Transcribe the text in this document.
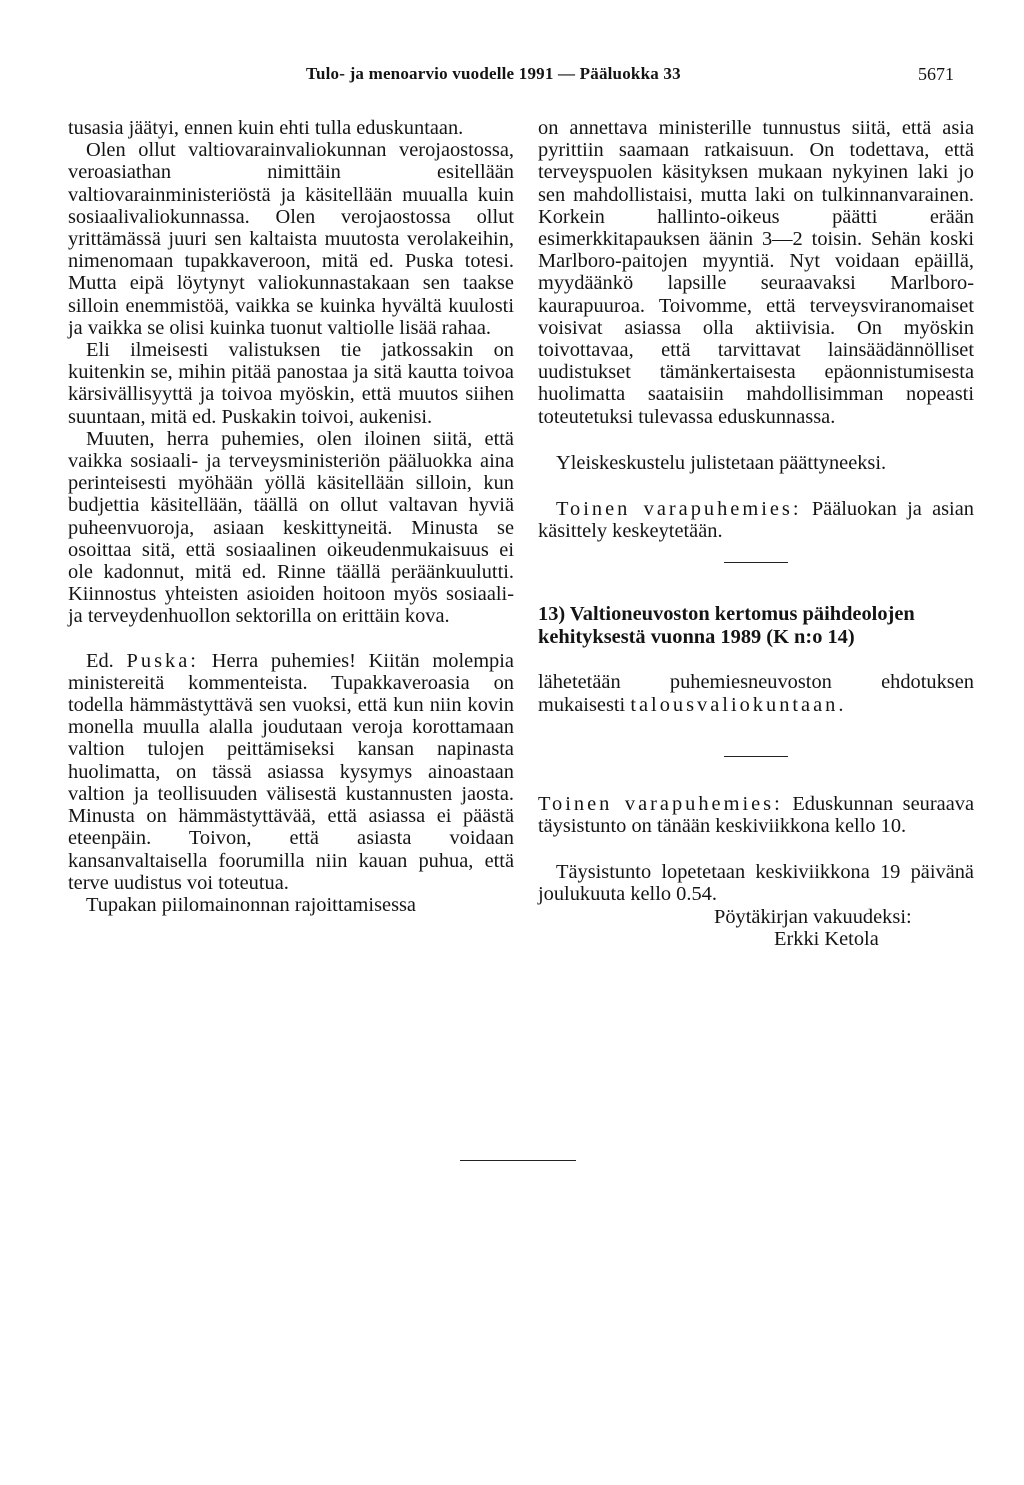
Tulo- ja menoarvio vuodelle 1991 — Pääluokka 33	5671

tusasia jäätyi, ennen kuin ehti tulla eduskuntaan.

Olen ollut valtiovarainvaliokunnan verojaostossa, veroasiathan nimittäin esitellään valtiovarainministeriöstä ja käsitellään muualla kuin sosiaalivaliokunnassa. Olen verojaostossa ollut yrittämässä juuri sen kaltaista muutosta verolakeihin, nimenomaan tupakkaveroon, mitä ed. Puska totesi. Mutta eipä löytynyt valiokunnastakaan sen taakse silloin enemmistöä, vaikka se kuinka hyvältä kuulosti ja vaikka se olisi kuinka tuonut valtiolle lisää rahaa.

Eli ilmeisesti valistuksen tie jatkossakin on kuitenkin se, mihin pitää panostaa ja sitä kautta toivoa kärsivällisyyttä ja toivoa myöskin, että muutos siihen suuntaan, mitä ed. Puskakin toivoi, aukenisi.

Muuten, herra puhemies, olen iloinen siitä, että vaikka sosiaali- ja terveysministeriön pääluokka aina perinteisesti myöhään yöllä käsitellään silloin, kun budjettia käsitellään, täällä on ollut valtavan hyviä puheenvuoroja, asiaan keskittyneitä. Minusta se osoittaa sitä, että sosiaalinen oikeudenmukaisuus ei ole kadonnut, mitä ed. Rinne täällä peräänkuulutti. Kiinnostus yhteisten asioiden hoitoon myös sosiaali- ja terveydenhuollon sektorilla on erittäin kova.

Ed. Puska: Herra puhemies! Kiitän molempia ministereitä kommenteista. Tupakkaveroasia on todella hämmästyttävä sen vuoksi, että kun niin kovin monella muulla alalla joudutaan veroja korottamaan valtion tulojen peittämiseksi kansan napinasta huolimatta, on tässä asiassa kysymys ainoastaan valtion ja teollisuuden välisestä kustannusten jaosta. Minusta on hämmästyttävää, että asiassa ei päästä eteenpäin. Toivon, että asiasta voidaan kansanvaltaisella foorumilla niin kauan puhua, että terve uudistus voi toteutua.

Tupakan piilomainonnan rajoittamisessa

on annettava ministerille tunnustus siitä, että asia pyrittiin saamaan ratkaisuun. On todettava, että terveyspuolen käsityksen mukaan nykyinen laki jo sen mahdollistaisi, mutta laki on tulkinnanvarainen. Korkein hallinto-oikeus päätti erään esimerkkitapauksen äänin 3—2 toisin. Sehän koski Marlboro-paitojen myyntiä. Nyt voidaan epäillä, myydäänkö lapsille seuraavaksi Marlboro-kaurapuuroa. Toivomme, että terveysviranomaiset voisivat asiassa olla aktiivisia. On myöskin toivottavaa, että tarvittavat lainsäädännölliset uudistukset tämänkertaisesta epäonnistumisesta huolimatta saataisiin mahdollisimman nopeasti toteutetuksi tulevassa eduskunnassa.

Yleiskeskustelu julistetaan päättyneeksi.

Toinen varapuhemies: Pääluokan ja asian käsittely keskeytetään.

13) Valtioneuvoston kertomus päihdeolojen kehityksestä vuonna 1989 (K n:o 14)

lähetetään puhemiesneuvoston ehdotuksen mukaisesti talousvaliokuntaan.

Toinen varapuhemies: Eduskunnan seuraava täysistunto on tänään keskiviikkona kello 10.

Täysistunto lopetetaan keskiviikkona 19 päivänä joulukuuta kello 0.54.

Pöytäkirjan vakuudeksi:

Erkki Ketola
